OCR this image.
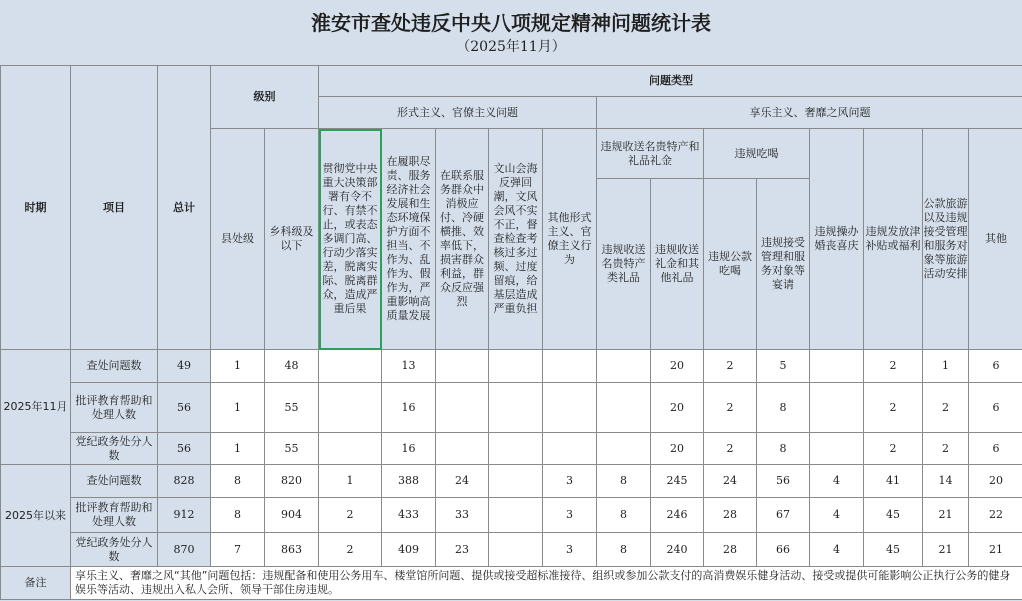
淮安市查处违反中央八项规定精神问题统计表
（2025年11月）
时期	项目	总计	级别		问题类型												
					形式主义、官僚主义问题					享乐主义、奢靡之风问题							
			县处级	乡科级及以下	贯彻党中央重大决策部署有令不行、有禁不止，或表态多调门高、行动少落实差，脱离实际、脱离群众，造成严重后果	在履职尽责、服务经济社会发展和生态环境保护方面不担当、不作为、乱作为、假作为，严重影响高质量发展	在联系服务群众中消极应付、冷硬横推、效率低下，损害群众利益，群众反应强烈	文山会海反弹回潮，文风会风不实不正，督查检查考核过多过频、过度留痕，给基层造成严重负担	其他形式主义、官僚主义行为	违规收送名贵特产和礼品礼金		违规吃喝		违规操办婚丧喜庆	违规发放津补贴或福利	公款旅游以及违规接受管理和服务对象等旅游活动安排	其他
										违规收送名贵特产类礼品	违规收送礼金和其他礼品	违规公款吃喝	违规接受管理和服务对象等宴请				
2025年11月	查处问题数	49	1	48		13					20	2	5		2	1	6
	批评教育帮助和处理人数	56	1	55		16					20	2	8		2	2	6
	党纪政务处分人数	56	1	55		16					20	2	8		2	2	6
2025年以来	查处问题数	828	8	820	1	388	24		3	8	245	24	56	4	41	14	20
	批评教育帮助和处理人数	912	8	904	2	433	33		3	8	246	28	67	4	45	21	22
	党纪政务处分人数	870	7	863	2	409	23		3	8	240	28	66	4	45	21	21
备注	享乐主义、奢靡之风“其他”问题包括：违规配备和使用公务用车、楼堂馆所问题、提供或接受超标准接待、组织或参加公款支付的高消费娱乐健身活动、接受或提供可能影响公正执行公务的健身娱乐等活动、违规出入私人会所、领导干部住房违规。																
